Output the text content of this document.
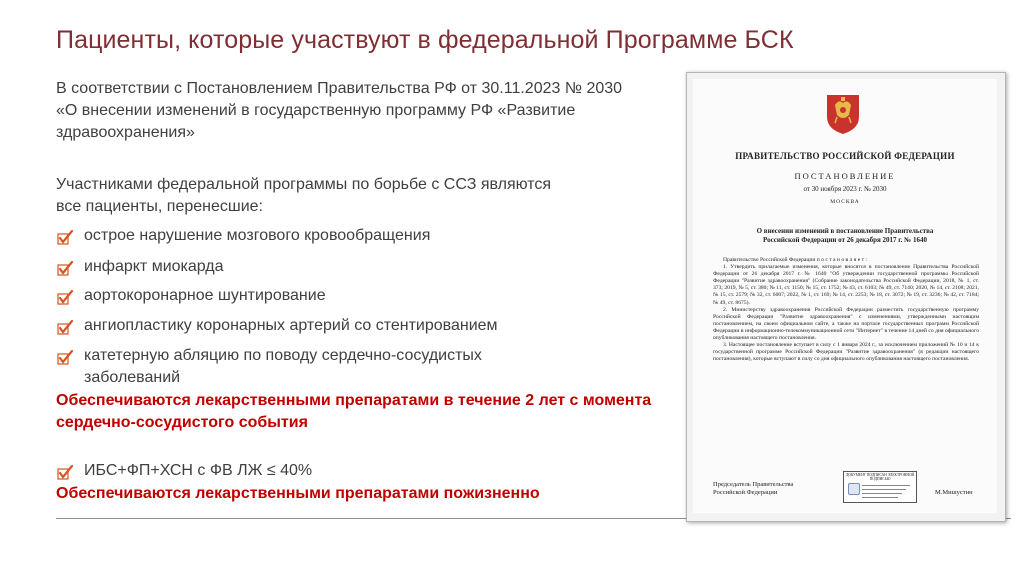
Пациенты, которые участвуют в федеральной Программе БСК
В соответствии с Постановлением Правительства РФ от 30.11.2023 № 2030
«О внесении изменений в государственную программу РФ «Развитие
здравоохранения»
Участниками федеральной программы по борьбе с ССЗ являются
все пациенты, перенесшие:
острое нарушение мозгового кровообращения
инфаркт миокарда
аортокоронарное шунтирование
ангиопластику коронарных артерий со стентированием
катетерную абляцию по поводу сердечно-сосудистых
заболеваний
Обеспечиваются лекарственными препаратами в течение 2 лет с момента
сердечно-сосудистого события
ИБС+ФП+ХСН с ФВ ЛЖ ≤ 40%
Обеспечиваются лекарственными препаратами пожизненно
ПРАВИТЕЛЬСТВО РОССИЙСКОЙ ФЕДЕРАЦИИ
ПОСТАНОВЛЕНИЕ
от 30 ноября 2023 г. № 2030
МОСКВА
О внесении изменений в постановление Правительства
Российской Федерации от 26 декабря 2017 г. № 1640

Правительство Российской Федерации п о с т а н о в л я е т :

1. Утвердить прилагаемые изменения, которые вносятся в постановление Правительства Российской Федерации от 26 декабря 2017 г. № 1640 "Об утверждении государственной программы Российской Федерации "Развитие здравоохранения" (Собрание законодательства Российской Федерации, 2018, № 1, ст. 373; 2019, № 5, ст. 380; № 11, ст. 1150; № 15, ст. 1752; № 43, ст. 6103; № 49, ст. 7140; 2020, № 14, ст. 2108; 2021, № 15, ст. 2579; № 32, ст. 6007; 2022, № 1, ст. 169; № 14, ст. 2253; № 18, ст. 3072; № 19, ст. 3236; № 42, ст. 7184; № 49, ст. 8675).

2. Министерству здравоохранения Российской Федерации разместить государственную программу Российской Федерации "Развитие здравоохранения" с изменениями, утвержденными настоящим постановлением, на своем официальном сайте, а также на портале государственных программ Российской Федерации в информационно-телекоммуникационной сети "Интернет" в течение 14 дней со дня официального опубликования настоящего постановления.

3. Настоящее постановление вступает в силу с 1 января 2024 г., за исключением приложений № 10 и 14 к государственной программе Российской Федерации "Развитие здравоохранения" (в редакции настоящего постановления), которые вступают в силу со дня официального опубликования настоящего постановления.

Председатель Правительства
Российской Федерации
ДОКУМЕНТ ПОДПИСАН ЭЛЕКТРОННОЙ ПОДПИСЬЮ
М.Мишустин
